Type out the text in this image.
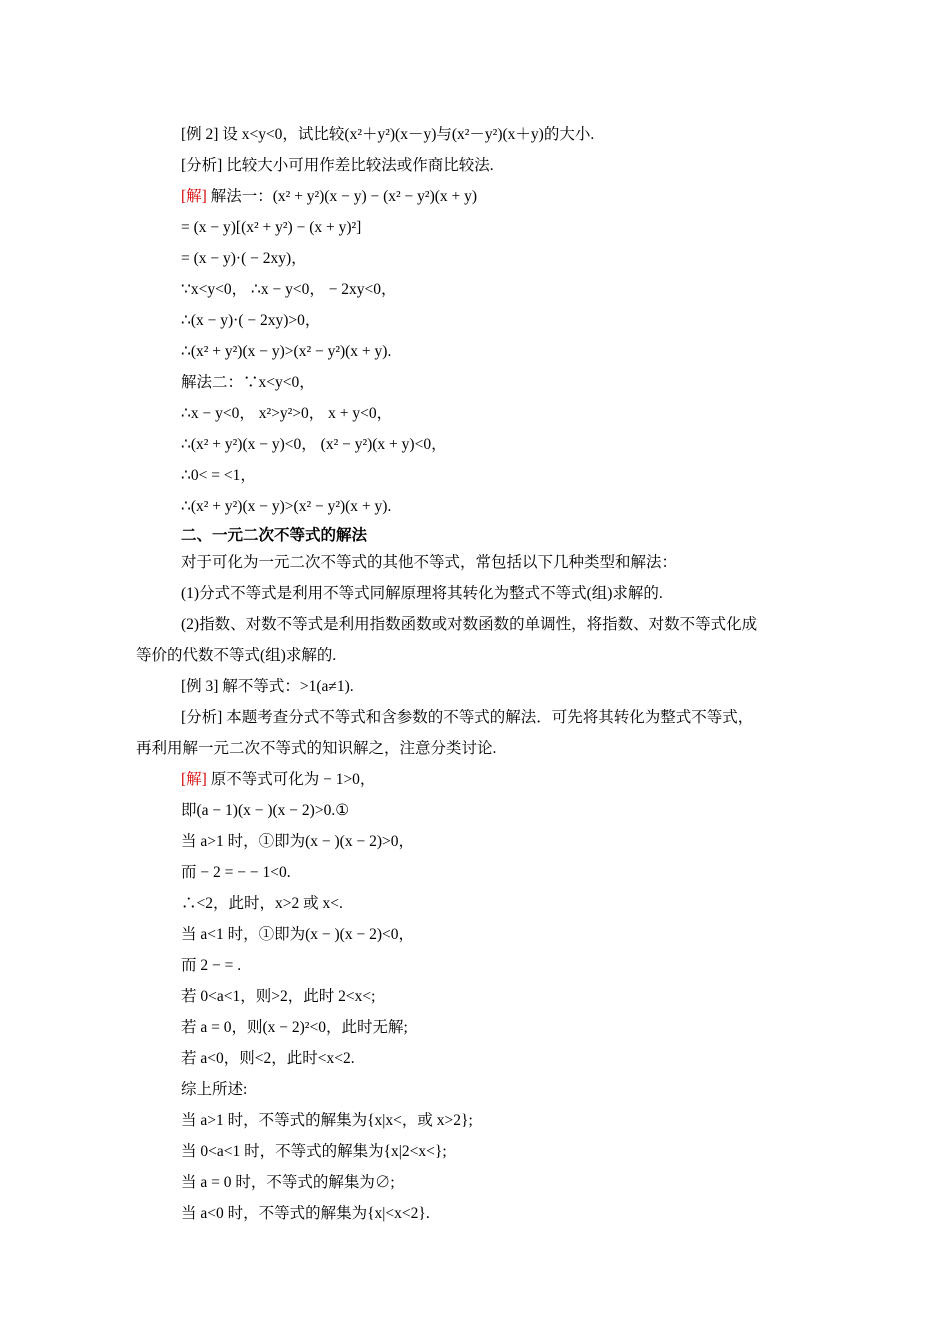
[例 2] 设 x<y<0，试比较(x²＋y²)(x－y)与(x²－y²)(x＋y)的大小.
[分析] 比较大小可用作差比较法或作商比较法.
[解] 解法一：(x² + y²)(x − y) − (x² − y²)(x + y)
= (x − y)[(x² + y²) − (x + y)²]
= (x − y)·( − 2xy)，
∵x<y<0， ∴x − y<0， − 2xy<0，
∴(x − y)·( − 2xy)>0，
∴(x² + y²)(x − y)>(x² − y²)(x + y).
解法二：∵x<y<0，
∴x − y<0， x²>y²>0， x + y<0，
∴(x² + y²)(x − y)<0， (x² − y²)(x + y)<0，
∴0< = <1，
∴(x² + y²)(x − y)>(x² − y²)(x + y).
二、一元二次不等式的解法
对于可化为一元二次不等式的其他不等式，常包括以下几种类型和解法：
(1)分式不等式是利用不等式同解原理将其转化为整式不等式(组)求解的.
(2)指数、对数不等式是利用指数函数或对数函数的单调性，将指数、对数不等式化成
等价的代数不等式(组)求解的.
[例 3] 解不等式：>1(a≠1).
[分析] 本题考查分式不等式和含参数的不等式的解法．可先将其转化为整式不等式，
再利用解一元二次不等式的知识解之，注意分类讨论.
[解] 原不等式可化为 − 1>0，
即(a − 1)(x − )(x − 2)>0.①
当 a>1 时，①即为(x − )(x − 2)>0，
而 − 2 = − − 1<0.
∴<2，此时，x>2 或 x<.
当 a<1 时，①即为(x − )(x − 2)<0，
而 2 − = .
若 0<a<1，则>2，此时 2<x<;
若 a = 0，则(x − 2)²<0，此时无解;
若 a<0，则<2，此时<x<2.
综上所述:
当 a>1 时，不等式的解集为{x|x<，或 x>2};
当 0<a<1 时，不等式的解集为{x|2<x<};
当 a = 0 时，不等式的解集为∅;
当 a<0 时，不等式的解集为{x|<x<2}.
